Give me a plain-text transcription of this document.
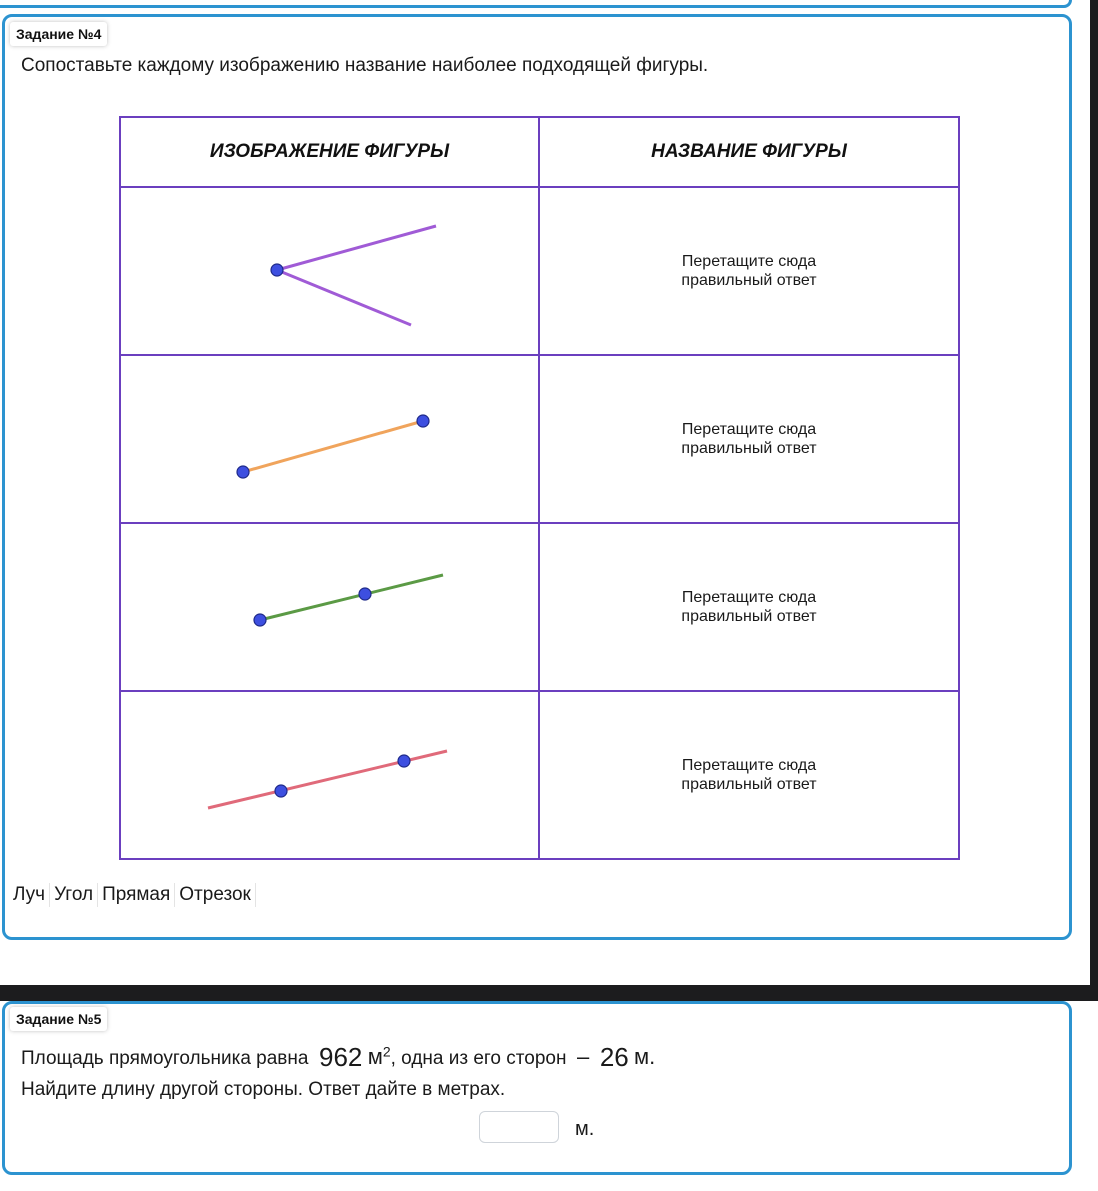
Задание №4
Сопоставьте каждому изображению название наиболее подходящей фигуры.
ИЗОБРАЖЕНИЕ ФИГУРЫ	НАЗВАНИЕ ФИГУРЫ

Перетащите сюда
правильный ответ

Перетащите сюда
правильный ответ

Перетащите сюда
правильный ответ

Перетащите сюда
правильный ответ
Луч Угол Прямая Отрезок
Задание №5
Площадь прямоугольника равна 962 $м^2$, одна из его сторон – 26 м.
Найдите длину другой стороны. Ответ дайте в метрах.
м.
